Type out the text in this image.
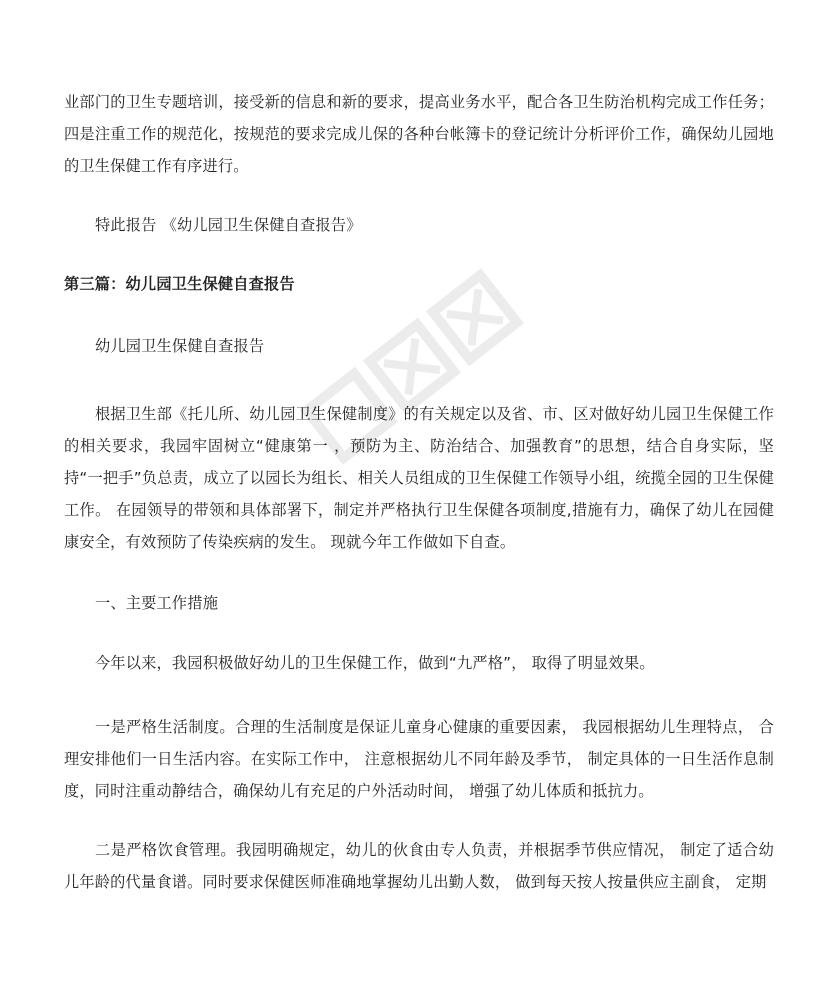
业部门的卫生专题培训，接受新的信息和新的要求，提高业务水平，配合各卫生防治机构完成工作任务；四是注重工作的规范化，按规范的要求完成儿保的各种台帐簿卡的登记统计分析评价工作，确保幼儿园地的卫生保健工作有序进行。

特此报告 《幼儿园卫生保健自查报告》

第三篇：幼儿园卫生保健自查报告

幼儿园卫生保健自查报告

根据卫生部《托儿所、幼儿园卫生保健制度》的有关规定以及省、市、区对做好幼儿园卫生保健工作的相关要求，我园牢固树立“健康第一 ，预防为主、防治结合、加强教育”的思想，结合自身实际，坚持“一把手”负总责，成立了以园长为组长、相关人员组成的卫生保健工作领导小组，统揽全园的卫生保健工作。 在园领导的带领和具体部署下，制定并严格执行卫生保健各项制度,措施有力，确保了幼儿在园健康安全，有效预防了传染疾病的发生。 现就今年工作做如下自查。

一、主要工作措施

今年以来，我园积极做好幼儿的卫生保健工作，做到“九严格”， 取得了明显效果。

一是严格生活制度。合理的生活制度是保证儿童身心健康的重要因素， 我园根据幼儿生理特点， 合理安排他们一日生活内容。在实际工作中， 注意根据幼儿不同年龄及季节， 制定具体的一日生活作息制度，同时注重动静结合，确保幼儿有充足的户外活动时间， 增强了幼儿体质和抵抗力。

二是严格饮食管理。我园明确规定，幼儿的伙食由专人负责，并根据季节供应情况， 制定了适合幼儿年龄的代量食谱。同时要求保健医师准确地掌握幼儿出勤人数， 做到每天按人按量供应主副食， 定期
